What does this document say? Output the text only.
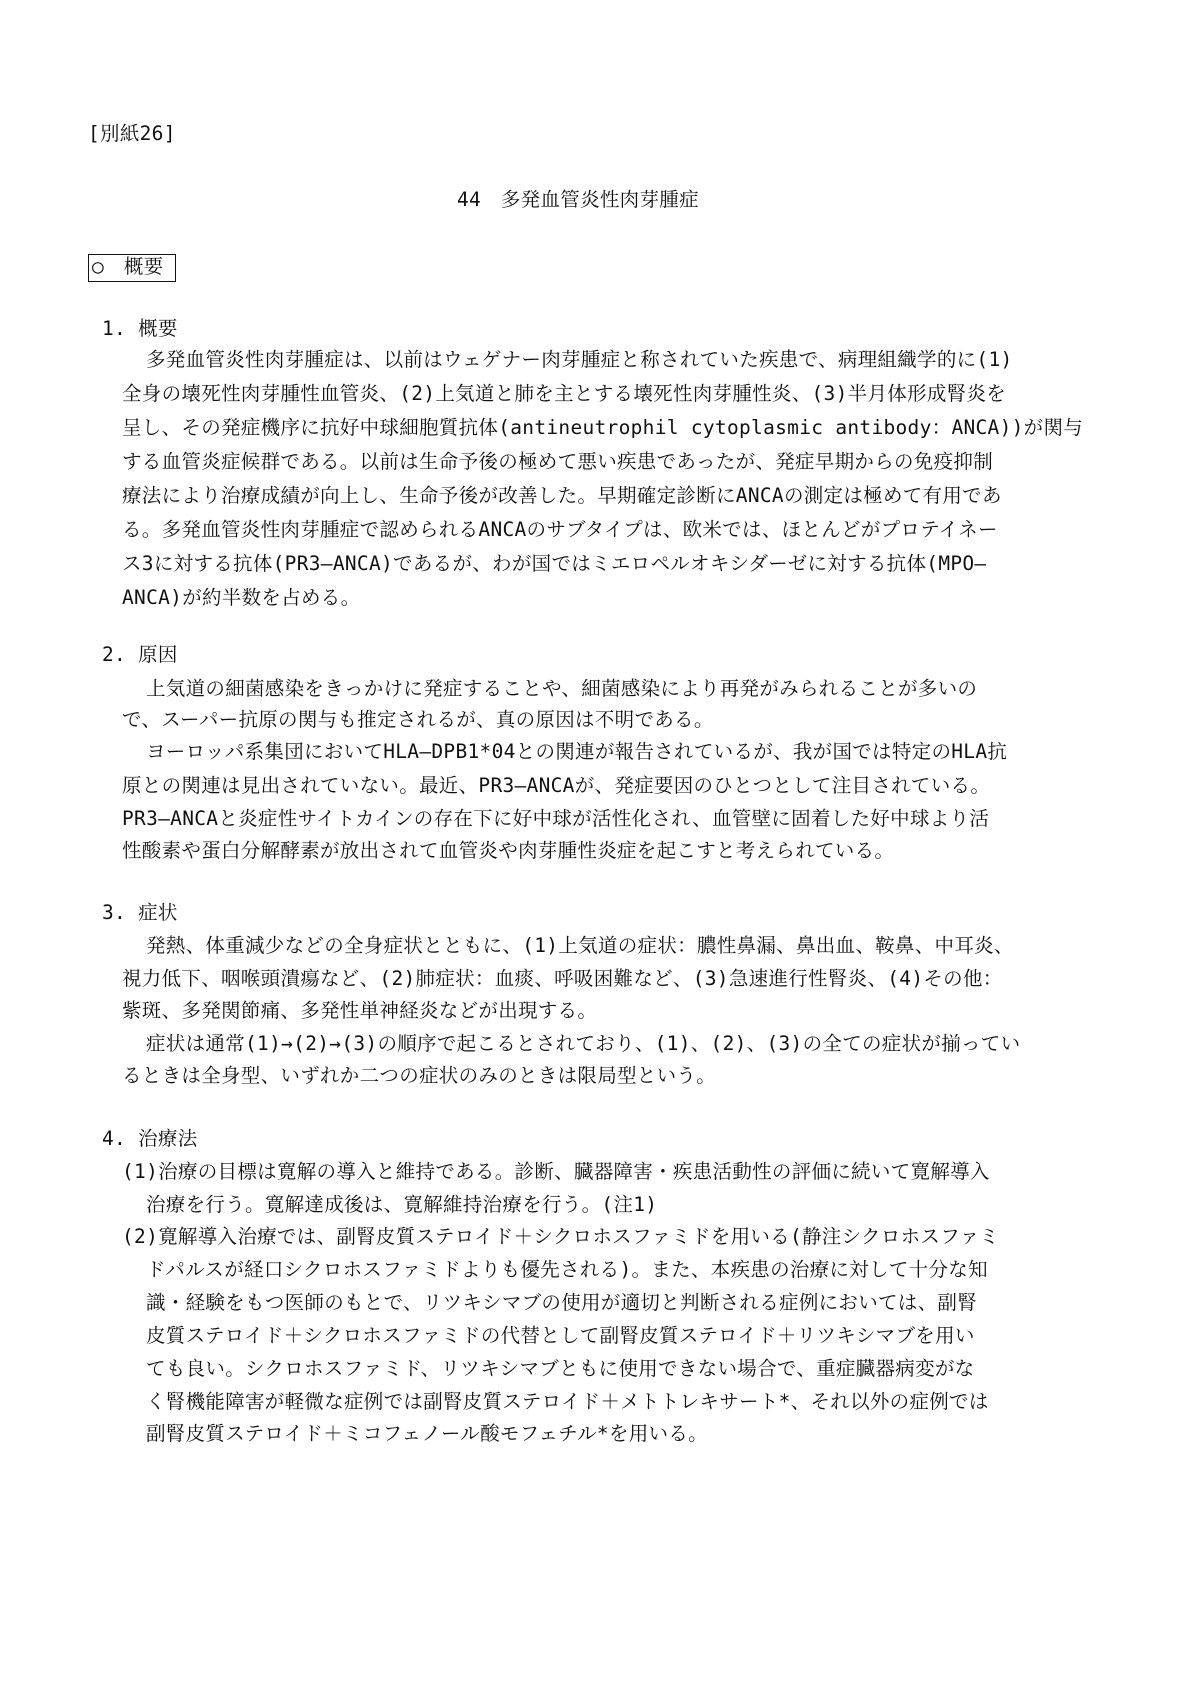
[別紙26]
44　多発血管炎性肉芽腫症
○　概要
1. 概要
多発血管炎性肉芽腫症は、以前はウェゲナー肉芽腫症と称されていた疾患で、病理組織学的に(1)
全身の壊死性肉芽腫性血管炎、(2)上気道と肺を主とする壊死性肉芽腫性炎、(3)半月体形成腎炎を
呈し、その発症機序に抗好中球細胞質抗体(antineutrophil cytoplasmic antibody：ANCA))が関与
する血管炎症候群である。以前は生命予後の極めて悪い疾患であったが、発症早期からの免疫抑制
療法により治療成績が向上し、生命予後が改善した。早期確定診断にANCAの測定は極めて有用であ
る。多発血管炎性肉芽腫症で認められるANCAのサブタイプは、欧米では、ほとんどがプロテイネー
ス3に対する抗体(PR3―ANCA)であるが、わが国ではミエロペルオキシダーゼに対する抗体(MPO―
ANCA)が約半数を占める。
2. 原因
上気道の細菌感染をきっかけに発症することや、細菌感染により再発がみられることが多いの
で、スーパー抗原の関与も推定されるが、真の原因は不明である。
ヨーロッパ系集団においてHLA―DPB1*04との関連が報告されているが、我が国では特定のHLA抗
原との関連は見出されていない。最近、PR3―ANCAが、発症要因のひとつとして注目されている。
PR3―ANCAと炎症性サイトカインの存在下に好中球が活性化され、血管壁に固着した好中球より活
性酸素や蛋白分解酵素が放出されて血管炎や肉芽腫性炎症を起こすと考えられている。
3. 症状
発熱、体重減少などの全身症状とともに、(1)上気道の症状：膿性鼻漏、鼻出血、鞍鼻、中耳炎、
視力低下、咽喉頭潰瘍など、(2)肺症状：血痰、呼吸困難など、(3)急速進行性腎炎、(4)その他：
紫斑、多発関節痛、多発性単神経炎などが出現する。
症状は通常(1)→(2)→(3)の順序で起こるとされており、(1)、(2)、(3)の全ての症状が揃ってい
るときは全身型、いずれか二つの症状のみのときは限局型という。
4. 治療法
(1)治療の目標は寛解の導入と維持である。診断、臓器障害・疾患活動性の評価に続いて寛解導入
治療を行う。寛解達成後は、寛解維持治療を行う。(注1)
(2)寛解導入治療では、副腎皮質ステロイド＋シクロホスファミドを用いる(静注シクロホスファミ
ドパルスが経口シクロホスファミドよりも優先される)。また、本疾患の治療に対して十分な知
識・経験をもつ医師のもとで、リツキシマブの使用が適切と判断される症例においては、副腎
皮質ステロイド＋シクロホスファミドの代替として副腎皮質ステロイド＋リツキシマブを用い
ても良い。シクロホスファミド、リツキシマブともに使用できない場合で、重症臓器病変がな
く腎機能障害が軽微な症例では副腎皮質ステロイド＋メトトレキサート*、それ以外の症例では
副腎皮質ステロイド＋ミコフェノール酸モフェチル*を用いる。
